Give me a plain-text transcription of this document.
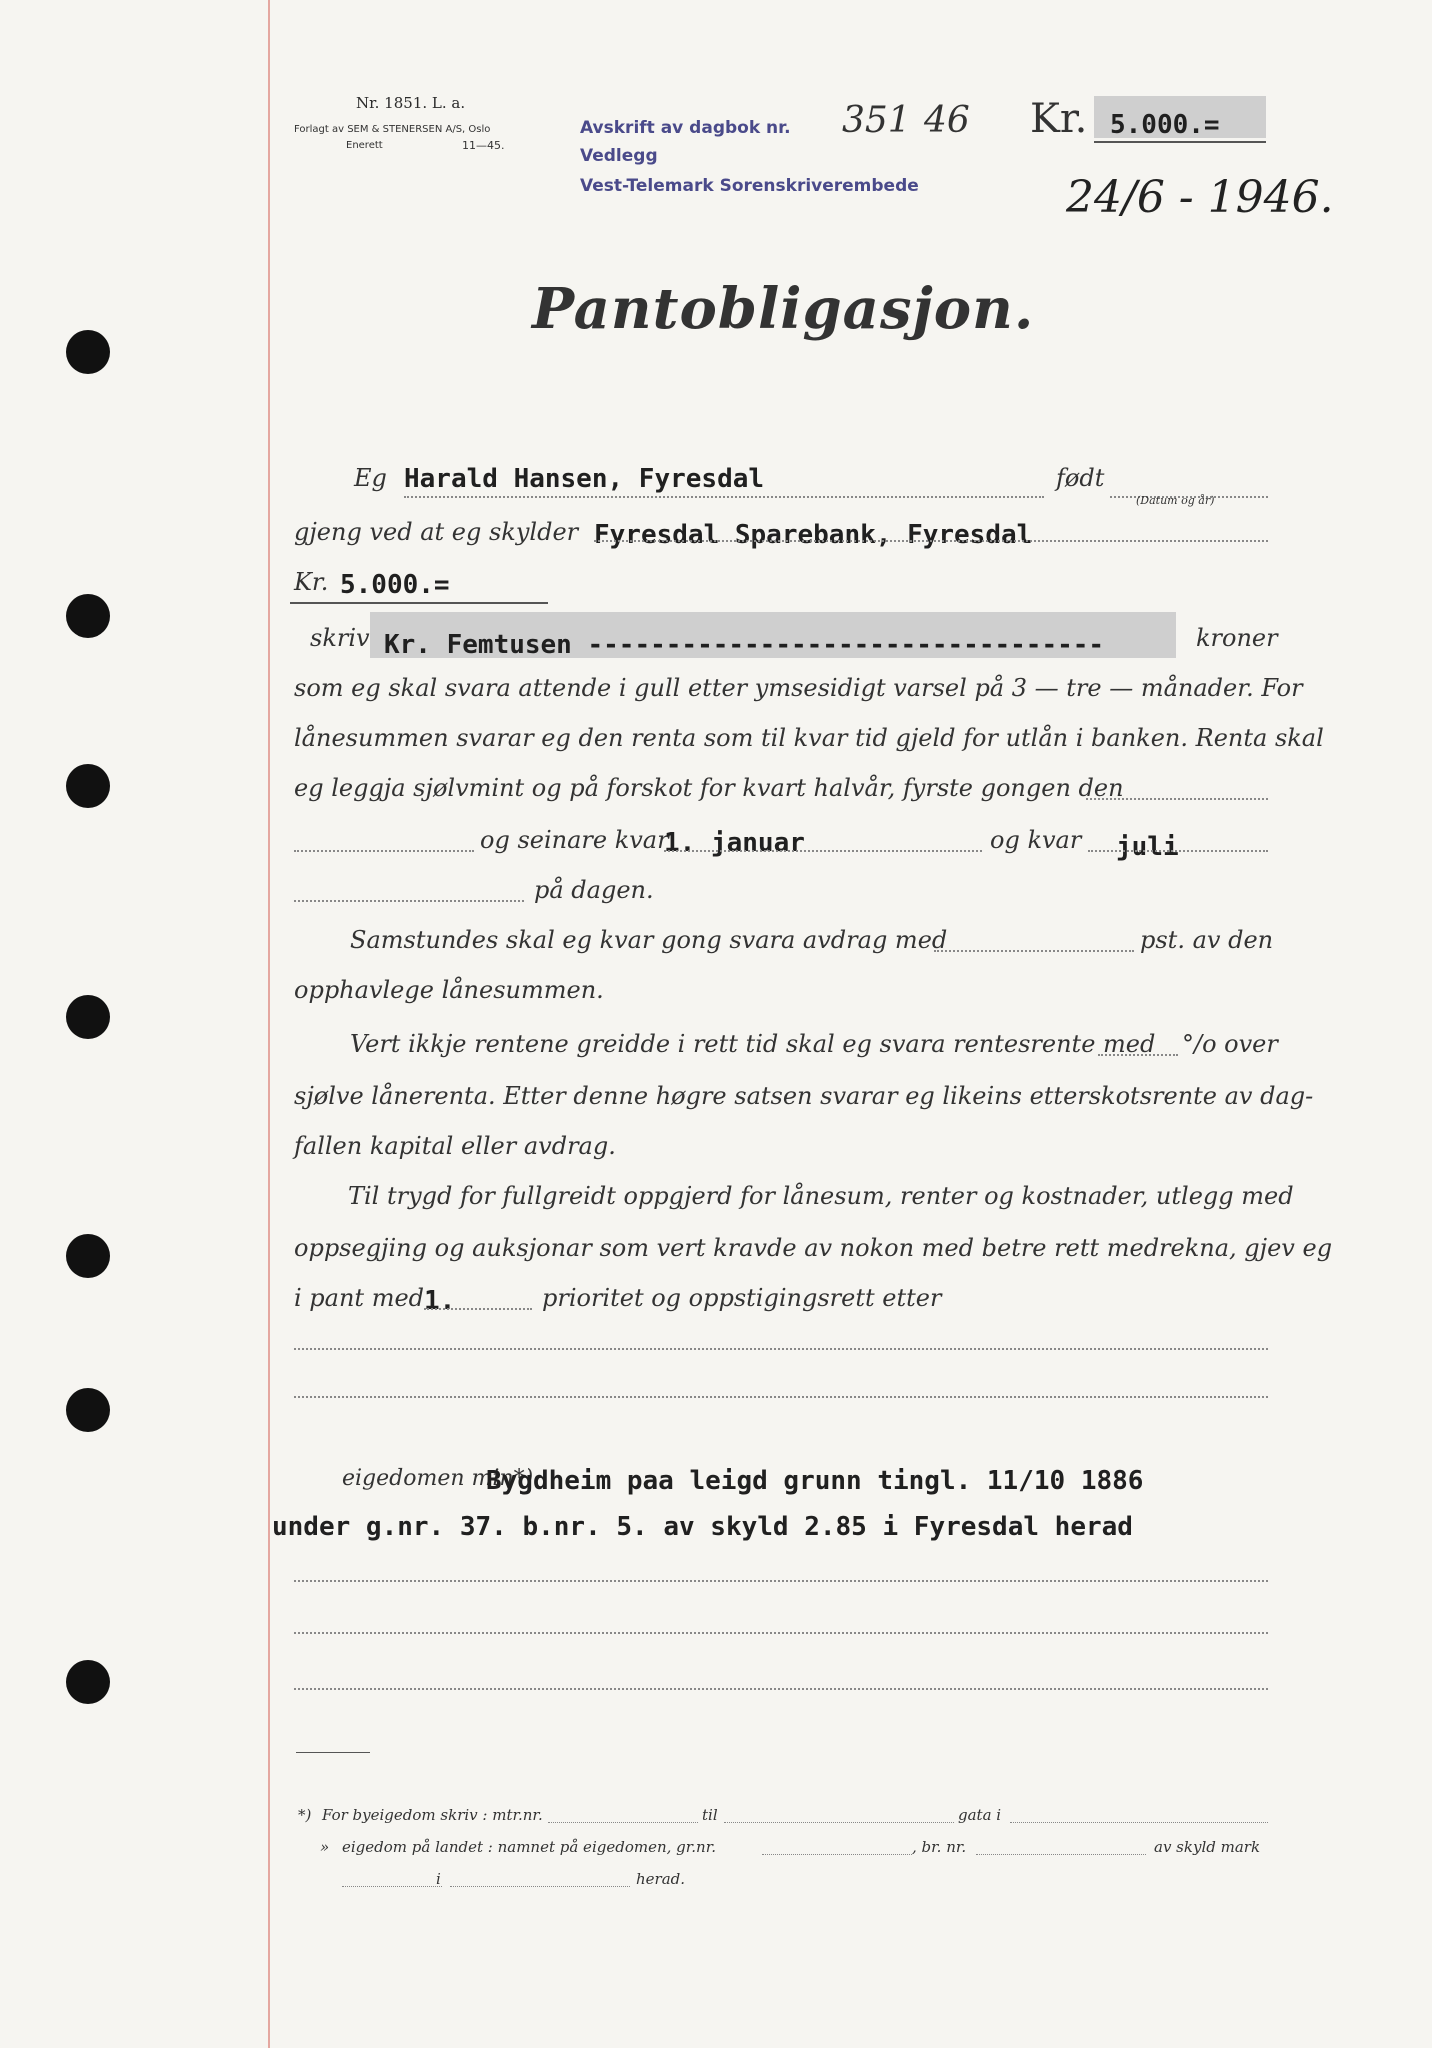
Nr. 1851. L. a.
Forlagt av SEM & STENERSEN A/S, Oslo
Enerett	11—45.
Avskrift av dagbok nr.
Vedlegg
Vest-Telemark Sorenskriverembede
351 46 Kr. 5.000.=
24/6 - 1946.
Pantobligasjon.
Eg Harald Hansen, Fyresdal	født
(Datum og år)
gjeng ved at eg skylder Fyresdal Sparebank, Fyresdal
Kr. 5.000.=
skriv Kr. Femtusen ---------------------------------	kroner
som eg skal svara attende i gull etter ymsesidigt varsel på 3 — tre — månader. For
lånesummen svarar eg den renta som til kvar tid gjeld for utlån i banken. Renta skal
eg leggja sjølvmint og på forskot for kvart halvår, fyrste gongen den
og seinare kvar
1. januar	og kvar juli
på dagen.
Samstundes skal eg kvar gong svara avdrag med	pst. av den
opphavlege lånesummen.
Vert ikkje rentene greidde i rett tid skal eg svara rentesrente med °/o over
sjølve lånerenta. Etter denne høgre satsen svarar eg likeins etterskotsrente av dag-
fallen kapital eller avdrag.
Til trygd for fullgreidt oppgjerd for lånesum, renter og kostnader, utlegg med
oppsegjing og auksjonar som vert kravde av nokon med betre rett medrekna, gjev eg
i pant med 1.	prioritet og oppstigingsrett etter
eigedomen min*)
Bygdheim paa leigd grunn tingl. 11/10 1886
under g.nr. 37. b.nr. 5. av skyld 2.85 i Fyresdal herad
*) For byeigedom skriv : mtr.nr.	til	gata i
» eigedom på landet : namnet på eigedomen, gr.nr.	, br. nr.	av skyld mark
i	herad.
